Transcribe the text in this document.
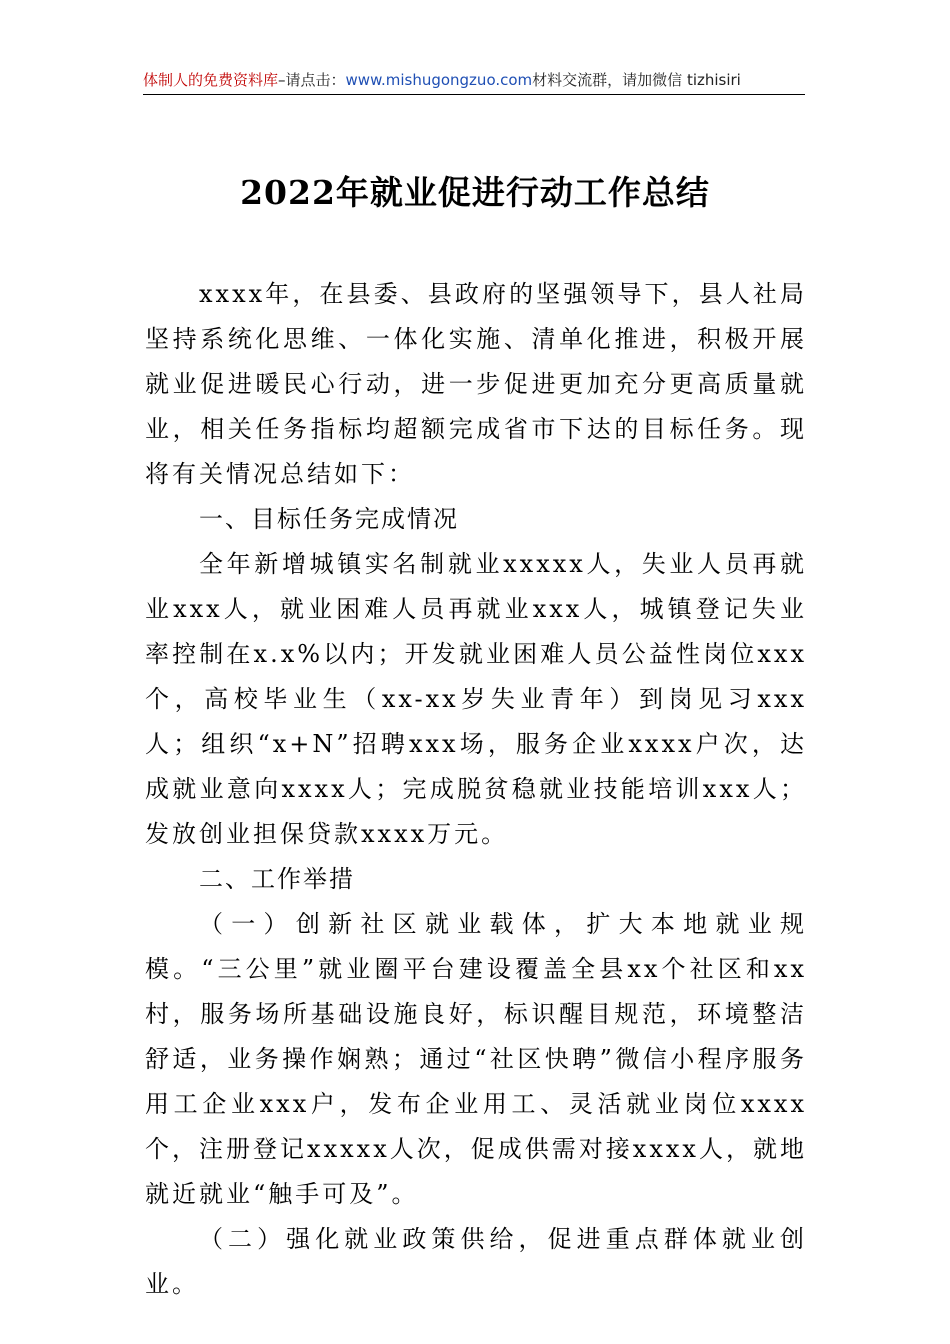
体制人的免费资料库–请点击：www.mishugongzuo.com材料交流群，请加微信 tizhisiri
2022年就业促进行动工作总结

xxxx年，在县委、县政府的坚强领导下，县人社局坚持系统化思维、一体化实施、清单化推进，积极开展就业促进暖民心行动，进一步促进更加充分更高质量就业，相关任务指标均超额完成省市下达的目标任务。现将有关情况总结如下：

一、目标任务完成情况

全年新增城镇实名制就业xxxxx人，失业人员再就业xxx人，就业困难人员再就业xxx人，城镇登记失业率控制在x.x%以内；开发就业困难人员公益性岗位xxx个，高校毕业生（xx-xx岁失业青年）到岗见习xxx人；组织“x+N”招聘xxx场，服务企业xxxx户次，达成就业意向xxxx人；完成脱贫稳就业技能培训xxx人；发放创业担保贷款xxxx万元。

二、工作举措

（一）创新社区就业载体，扩大本地就业规模。“三公里”就业圈平台建设覆盖全县xx个社区和xx村，服务场所基础设施良好，标识醒目规范，环境整洁舒适，业务操作娴熟；通过“社区快聘”微信小程序服务用工企业xxx户，发布企业用工、灵活就业岗位xxxx个，注册登记xxxxx人次，促成供需对接xxxx人，就地就近就业“触手可及”。

（二）强化就业政策供给，促进重点群体就业创业。
